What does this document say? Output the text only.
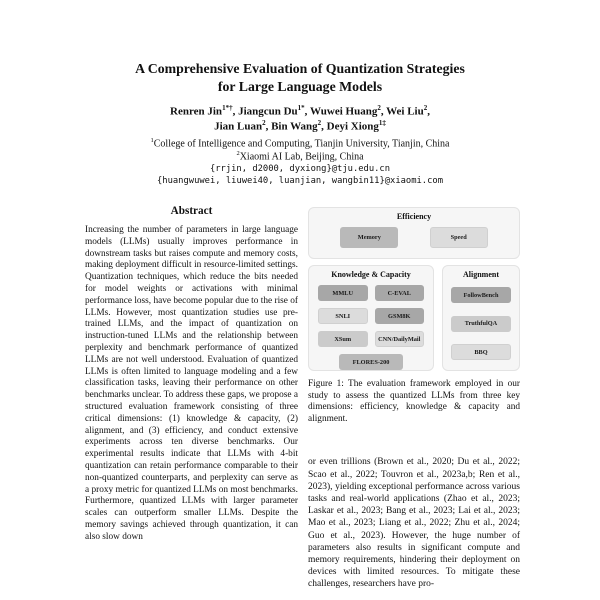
A Comprehensive Evaluation of Quantization Strategies
for Large Language Models
Renren Jin$^{1*\dagger}$, Jiangcun $Du^{1*}$, Wuwei Huang$^2$, Wei Liu$^2$,
Jian Luan$^2$, Bin Wang$^2$, Deyi Xiong$^{1\ddagger}$
$^1$College of Intelligence and Computing, Tianjin University, Tianjin, China
$^2$Xiaomi AI Lab, Beijing, China
{rrjin, d2000, dyxiong}@tju.edu.cn
{huangwuwei, liuwei40, luanjian, wangbin11}@xiaomi.com
Abstract

Increasing the number of parameters in large language models (LLMs) usually improves performance in downstream tasks but raises compute and memory costs, making deployment difficult in resource-limited settings. Quantization techniques, which reduce the bits needed for model weights or activations with minimal performance loss, have become popular due to the rise of LLMs. However, most quantization studies use pre-trained LLMs, and the impact of quantization on instruction-tuned LLMs and the relationship between perplexity and benchmark performance of quantized LLMs are not well understood. Evaluation of quantized LLMs is often limited to language modeling and a few classification tasks, leaving their performance on other benchmarks unclear. To address these gaps, we propose a structured evaluation framework consisting of three critical dimensions: (1) knowledge & capacity, (2) alignment, and (3) efficiency, and conduct extensive experiments across ten diverse benchmarks. Our experimental results indicate that LLMs with 4-bit quantization can retain performance comparable to their non-quantized counterparts, and perplexity can serve as a proxy metric for quantized LLMs on most benchmarks. Furthermore, quantized LLMs with larger parameter scales can outperform smaller LLMs. Despite the memory savings achieved through quantization, it can also slow down

Efficiency
Memory	Speed
Knowledge & Capacity
MMLU	C-EVAL
SNLI	GSM8K
XSum	CNN/DailyMail
FLORES-200
Alignment
FollowBench
TruthfulQA
BBQ

Figure 1: The evaluation framework employed in our study to assess the quantized LLMs from three key dimensions: efficiency, knowledge & capacity and alignment.

or even trillions (Brown et al., 2020; Du et al., 2022; Scao et al., 2022; Touvron et al., 2023a,b; Ren et al., 2023), yielding exceptional performance across various tasks and real-world applications (Zhao et al., 2023; Laskar et al., 2023; Bang et al., 2023; Lai et al., 2023; Mao et al., 2023; Liang et al., 2022; Zhu et al., 2024; Guo et al., 2023). However, the huge number of parameters also results in significant compute and memory requirements, hindering their deployment on devices with limited resources. To mitigate these challenges, researchers have pro-
